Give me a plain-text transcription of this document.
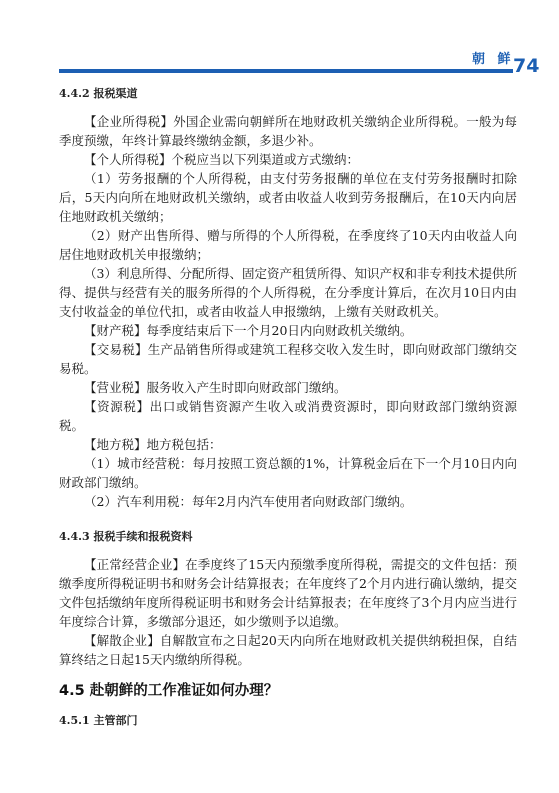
朝 鲜
74
4.4.2 报税渠道

【企业所得税】外国企业需向朝鲜所在地财政机关缴纳企业所得税。一般为每季度预缴，年终计算最终缴纳金额，多退少补。

【个人所得税】个税应当以下列渠道或方式缴纳：

（1）劳务报酬的个人所得税，由支付劳务报酬的单位在支付劳务报酬时扣除后，5天内向所在地财政机关缴纳，或者由收益人收到劳务报酬后，在10天内向居住地财政机关缴纳；

（2）财产出售所得、赠与所得的个人所得税，在季度终了10天内由收益人向居住地财政机关申报缴纳；

（3）利息所得、分配所得、固定资产租赁所得、知识产权和非专利技术提供所得、提供与经营有关的服务所得的个人所得税，在分季度计算后，在次月10日内由支付收益金的单位代扣，或者由收益人申报缴纳，上缴有关财政机关。

【财产税】每季度结束后下一个月20日内向财政机关缴纳。

【交易税】生产品销售所得或建筑工程移交收入发生时，即向财政部门缴纳交易税。

【营业税】服务收入产生时即向财政部门缴纳。

【资源税】出口或销售资源产生收入或消费资源时，即向财政部门缴纳资源税。

【地方税】地方税包括：

（1）城市经营税：每月按照工资总额的1%，计算税金后在下一个月10日内向财政部门缴纳。

（2）汽车利用税：每年2月内汽车使用者向财政部门缴纳。

4.4.3 报税手续和报税资料

【正常经营企业】在季度终了15天内预缴季度所得税，需提交的文件包括：预缴季度所得税证明书和财务会计结算报表；在年度终了2个月内进行确认缴纳，提交文件包括缴纳年度所得税证明书和财务会计结算报表；在年度终了3个月内应当进行年度综合计算，多缴部分退还，如少缴则予以追缴。

【解散企业】自解散宣布之日起20天内向所在地财政机关提供纳税担保，自结算终结之日起15天内缴纳所得税。

4.5 赴朝鲜的工作准证如何办理？
4.5.1 主管部门
